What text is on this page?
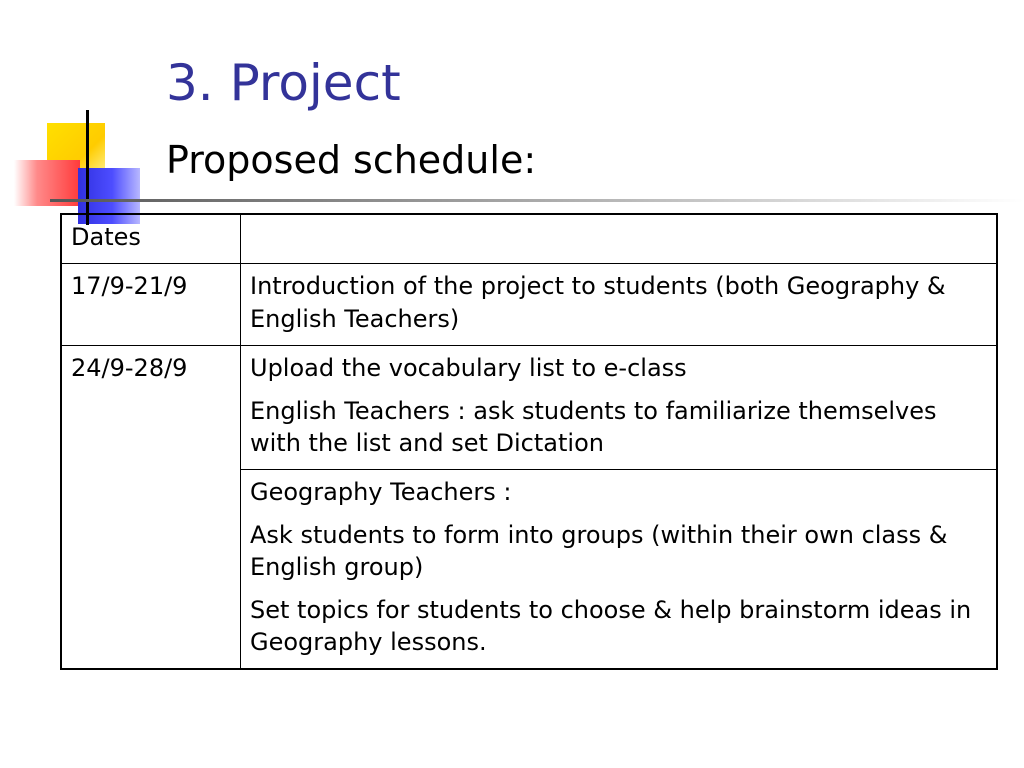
3. Project
Proposed schedule:
Dates	
17/9-21/9	Introduction of the project to students (both Geography & English Teachers)

24/9-28/9	Upload the vocabulary list to e-class

English Teachers : ask students to familiarize themselves with the list and set Dictation

	Geography Teachers :

Ask students to form into groups (within their own class & English group)

Set topics for students to choose & help brainstorm ideas in Geography lessons.
